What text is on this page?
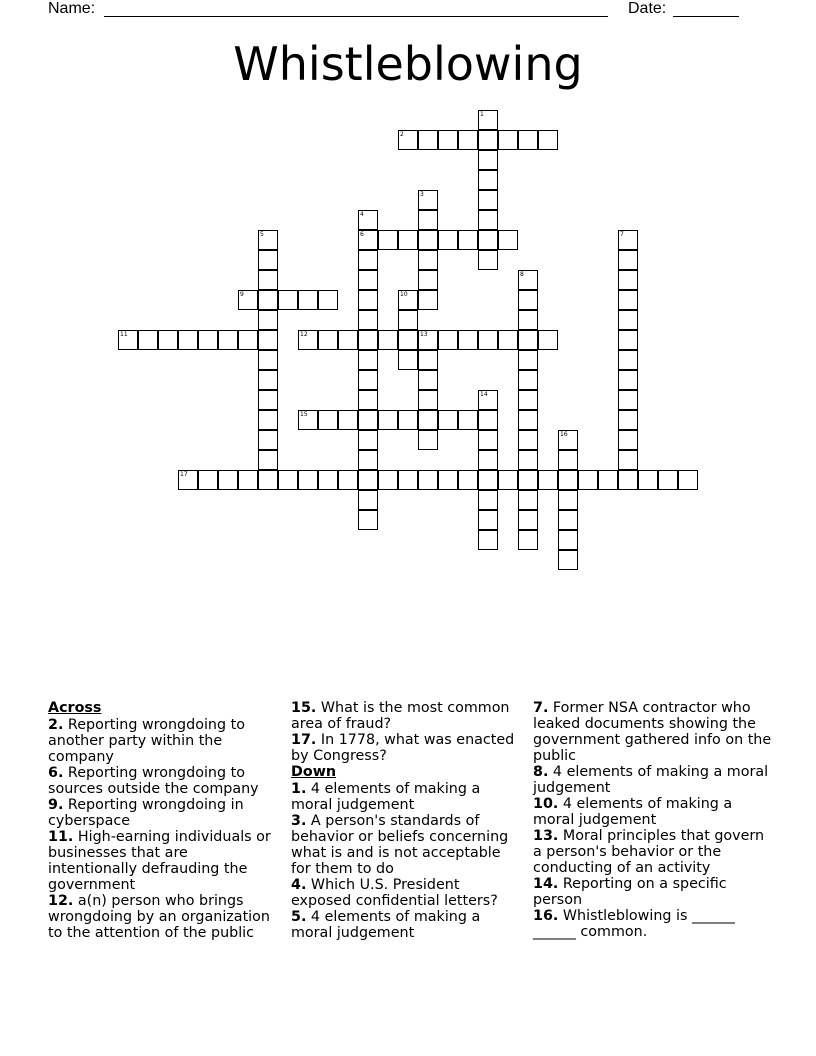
Name:	Date:
Whistleblowing
1
2
3
4
5	6	7
8
9	10
11	12	13
14
15
16
17
Across
2. Reporting wrongdoing to another party within the company
6. Reporting wrongdoing to sources outside the company
9. Reporting wrongdoing in cyberspace
11. High-earning individuals or businesses that are intentionally defrauding the government
12. a(n) person who brings wrongdoing by an organization to the attention of the public
15. What is the most common area of fraud?
17. In 1778, what was enacted by Congress?
Down
1. 4 elements of making a moral judgement
3. A person's standards of behavior or beliefs concerning what is and is not acceptable for them to do
4. Which U.S. President exposed confidential letters?
5. 4 elements of making a moral judgement
7. Former NSA contractor who leaked documents showing the government gathered info on the public
8. 4 elements of making a moral judgement
10. 4 elements of making a moral judgement
13. Moral principles that govern a person's behavior or the conducting of an activity
14. Reporting on a specific person
16. Whistleblowing is ______ ______ common.
